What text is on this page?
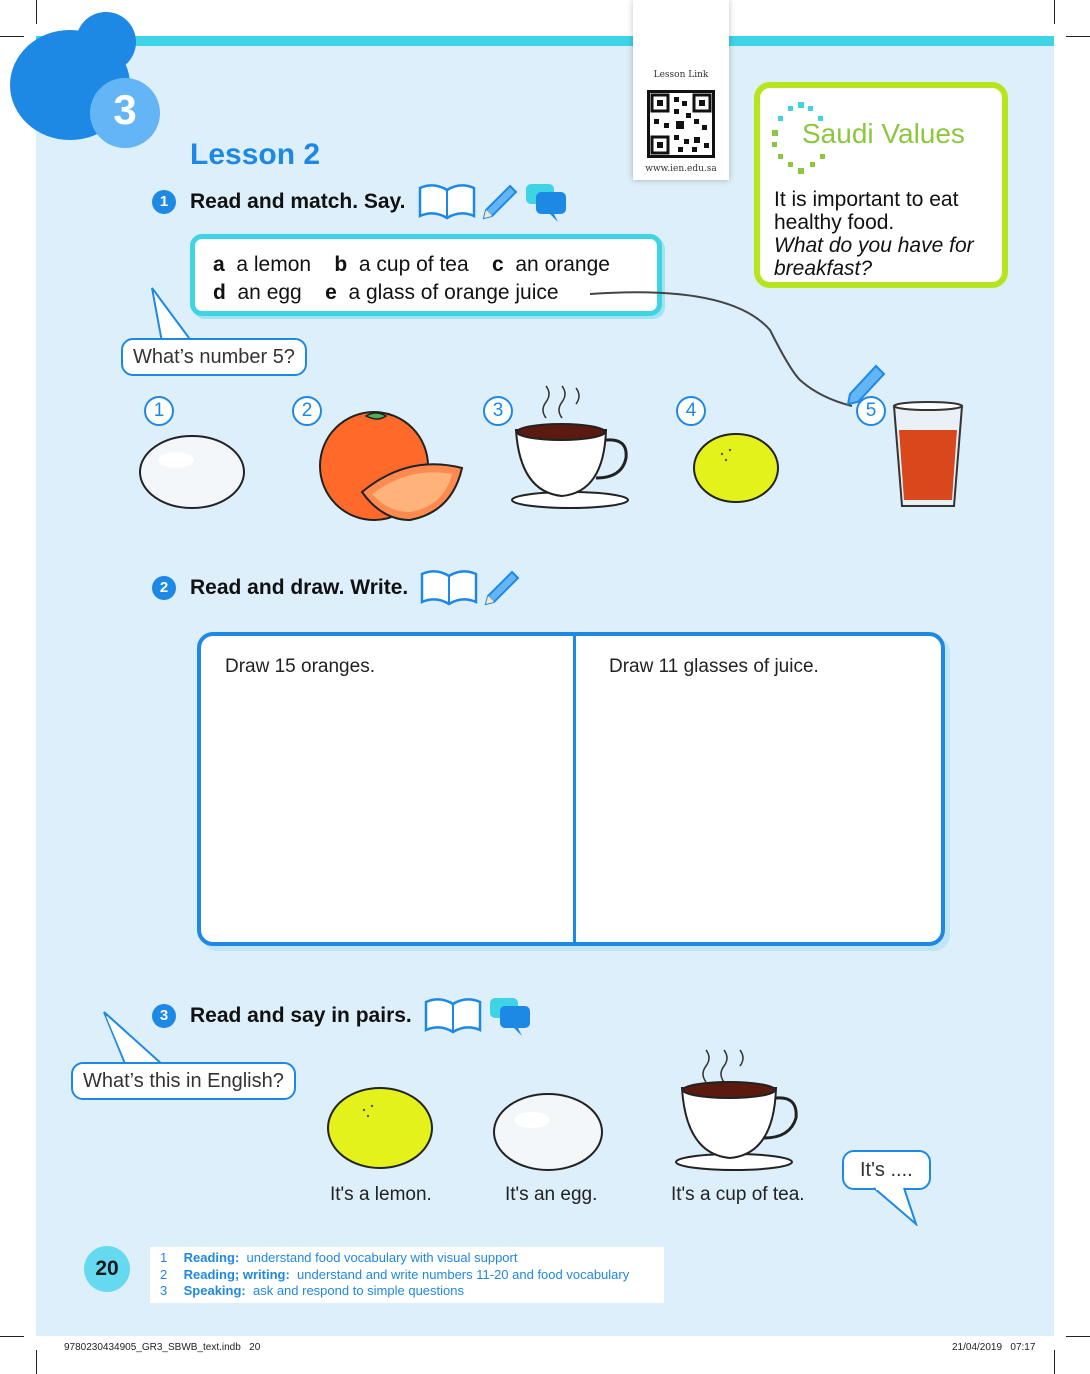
3
Lesson 2
Lesson Link
www.ien.edu.sa
Saudi Values
It is important to eat healthy food.
What do you have for breakfast?
1	Read and match. Say.
a a lemon b a cup of tea c an orange
d an egg e a glass of orange juice
What’s number 5?
1	2	3	4	5
2	Read and draw. Write.
Draw 15 oranges.	Draw 11 glasses of juice.
3	Read and say in pairs.
What’s this in English?
It's a lemon.	It's an egg.	It's a cup of tea.
It's ....
20	1 Reading: understand food vocabulary with visual support
2 Reading; writing: understand and write numbers 11-20 and food vocabulary
3 Speaking: ask and respond to simple questions
9780230434905_GR3_SBWB_text.indb   20	21/04/2019   07:17
